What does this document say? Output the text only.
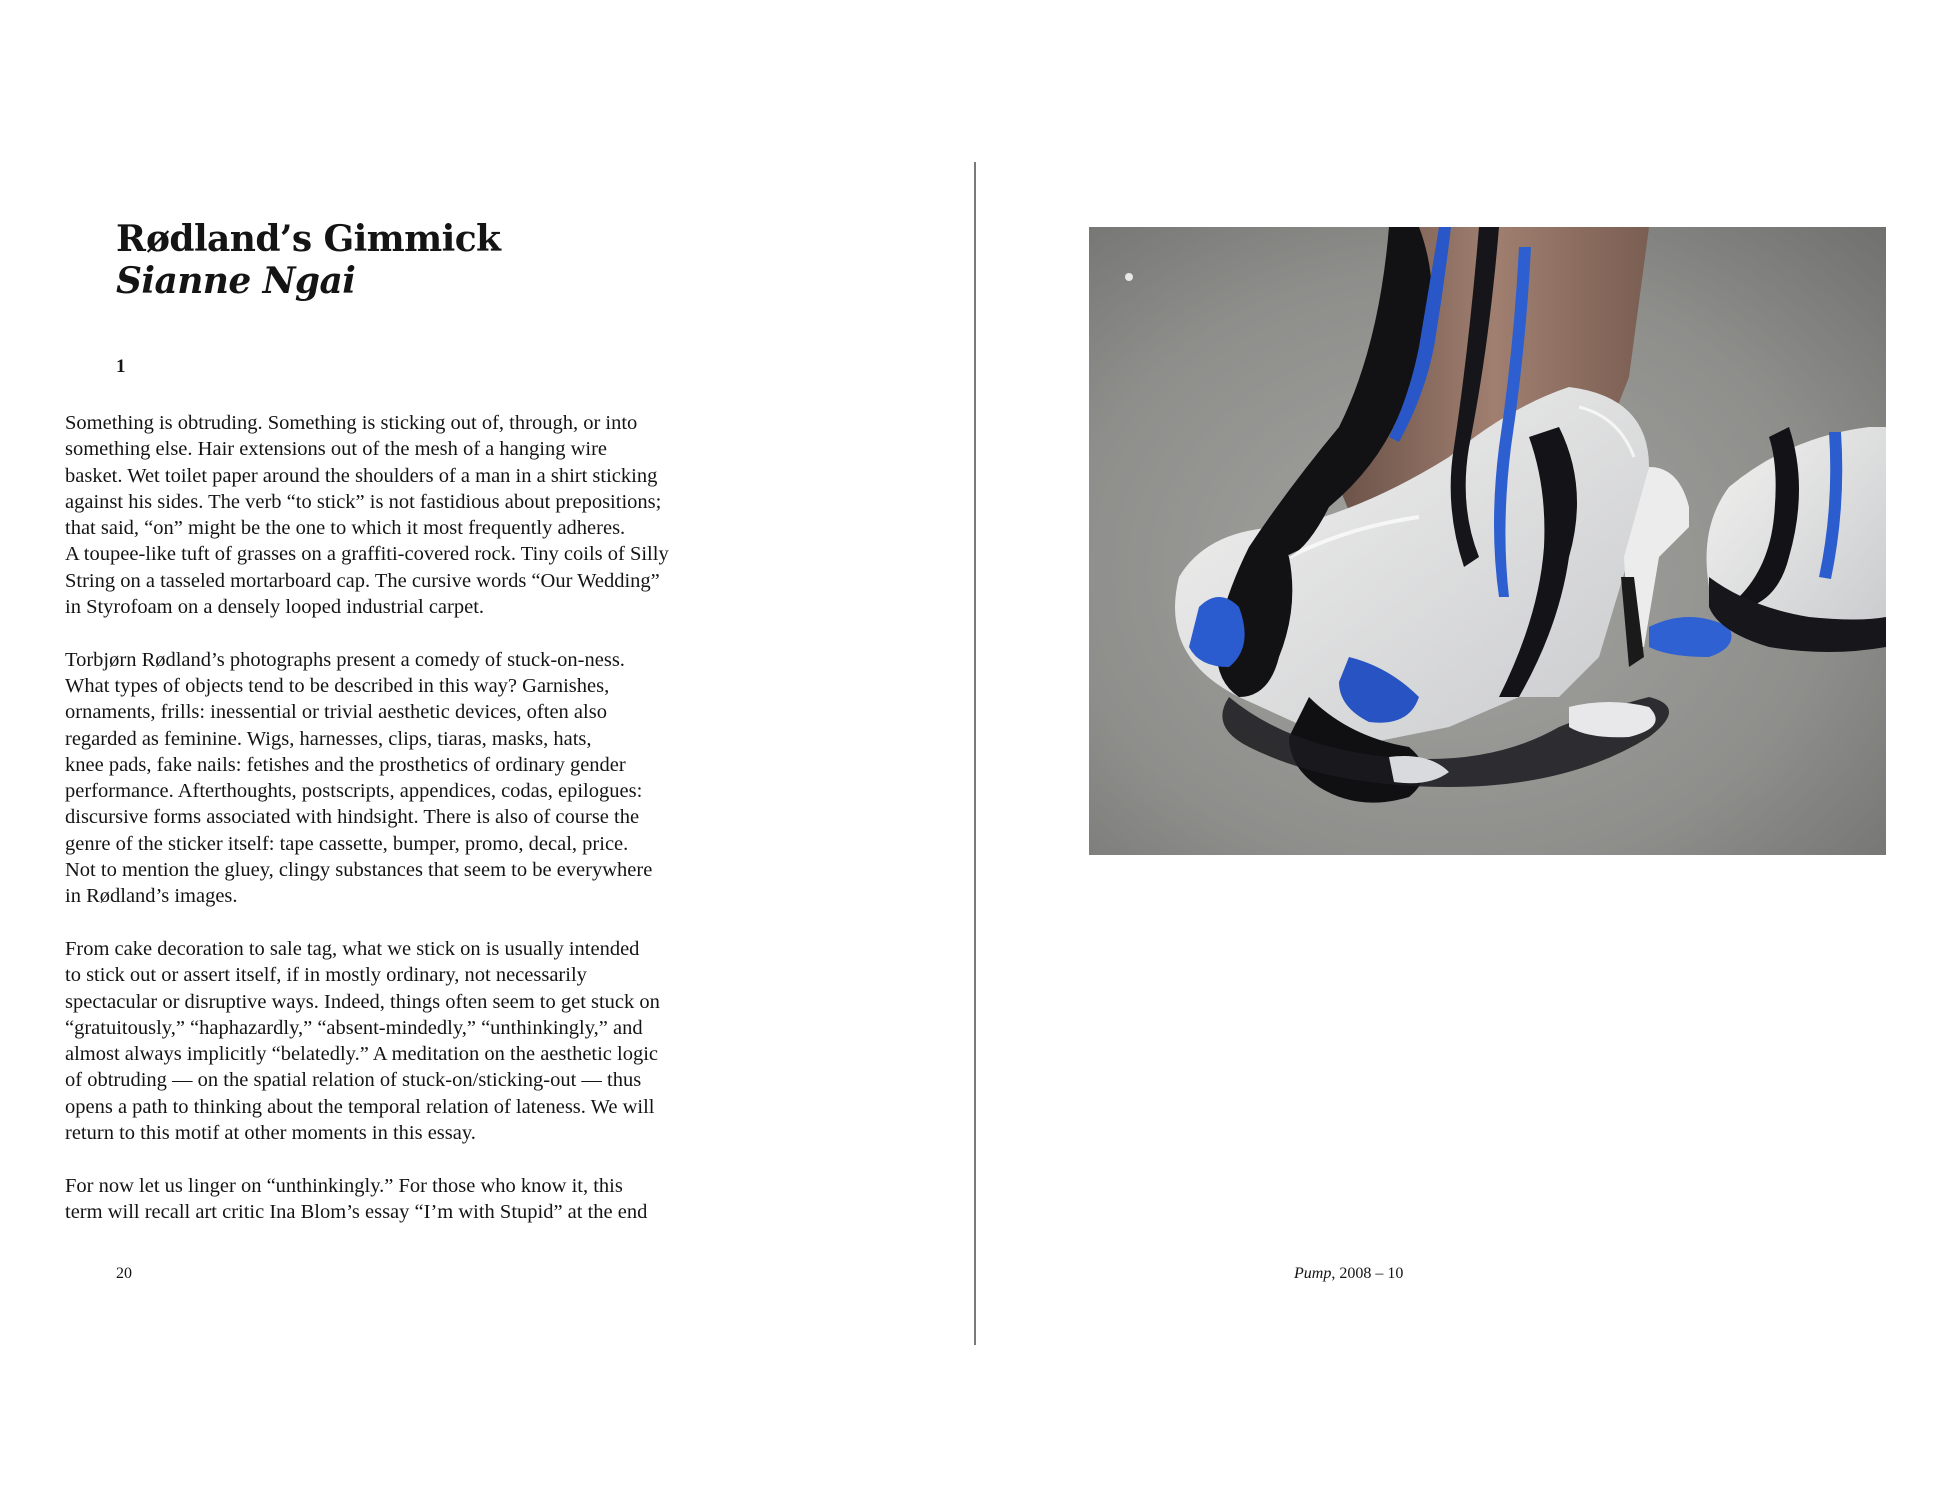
Rødland’s Gimmick
Sianne Ngai
1

Something is obtruding. Something is sticking out of, through, or into
something else. Hair extensions out of the mesh of a hanging wire
basket. Wet toilet paper around the shoulders of a man in a shirt sticking
against his sides. The verb “to stick” is not fastidious about prepositions;
that said, “on” might be the one to which it most frequently adheres.
A toupee-like tuft of grasses on a graffiti-covered rock. Tiny coils of Silly
String on a tasseled mortarboard cap. The cursive words “Our Wedding”
in Styrofoam on a densely looped industrial carpet.

Torbjørn Rødland’s photographs present a comedy of stuck-on-ness.
What types of objects tend to be described in this way? Garnishes,
ornaments, frills: inessential or trivial aesthetic devices, often also
regarded as feminine. Wigs, harnesses, clips, tiaras, masks, hats,
knee pads, fake nails: fetishes and the prosthetics of ordinary gender
performance. Afterthoughts, postscripts, appendices, codas, epilogues:
discursive forms associated with hindsight. There is also of course the
genre of the sticker itself: tape cassette, bumper, promo, decal, price.
Not to mention the gluey, clingy substances that seem to be everywhere
in Rødland’s images.

From cake decoration to sale tag, what we stick on is usually intended
to stick out or assert itself, if in mostly ordinary, not necessarily
spectacular or disruptive ways. Indeed, things often seem to get stuck on
“gratuitously,” “haphazardly,” “absent-mindedly,” “unthinkingly,” and
almost always implicitly “belatedly.” A meditation on the aesthetic logic
of obtruding — on the spatial relation of stuck-on/sticking-out — thus
opens a path to thinking about the temporal relation of lateness. We will
return to this motif at other moments in this essay.

For now let us linger on “unthinkingly.” For those who know it, this
term will recall art critic Ina Blom’s essay “I’m with Stupid” at the end

20	Pump, 2008 – 10
